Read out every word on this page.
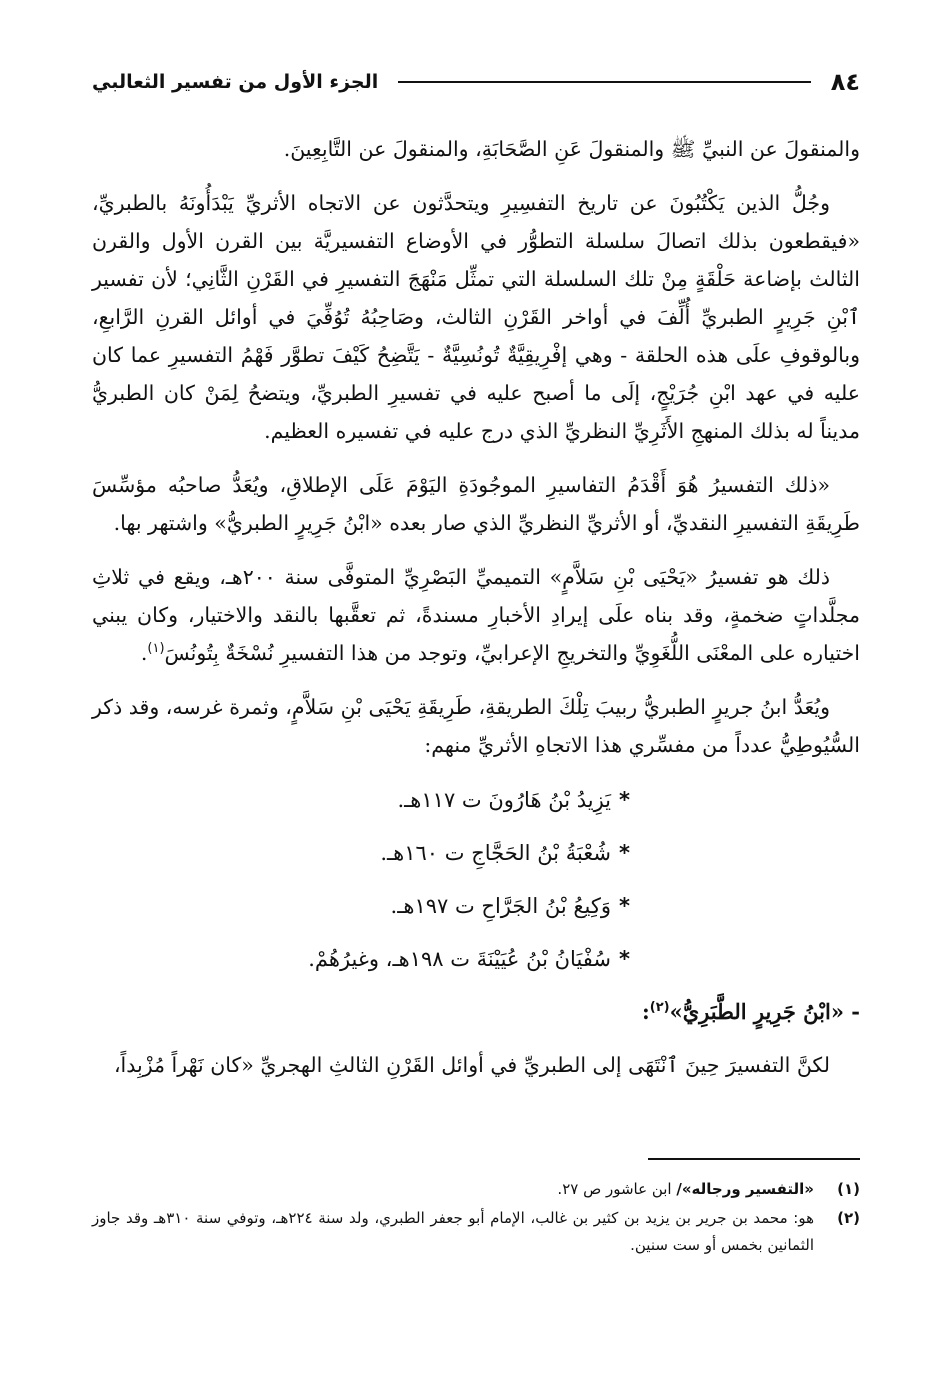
٨٤
الجزء الأول من تفسير الثعالبي

والمنقولَ عن النبيِّ ﷺ والمنقولَ عَنِ الصَّحَابَةِ، والمنقولَ عن التَّابِعِينَ.

وجُلُّ الذين يَكْتُبُونَ عن تاريخ التفسِيرِ ويتحدَّثون عن الاتجاه الأثريِّ يَبْدَأُونَهُ بالطبريِّ، «فيقطعون بذلك اتصالَ سلسلة التطوُّر في الأوضاع التفسيريَّة بين القرن الأول والقرن الثالث بإضاعة حَلْقَةٍ مِنْ تلك السلسلة التي تمثِّل مَنْهَجَ التفسيرِ في القَرْنِ الثَّانِي؛ لأن تفسير ٱبْنِ جَرِيرٍ الطبريِّ أُلِّفَ في أواخر القَرْنِ الثالث، وصَاحِبُهُ تُوُفِّيَ في أوائل القرنِ الرَّابعِ، وبالوقوفِ علَى هذه الحلقة - وهي إفْرِيقِيَّةٌ تُونُسِيَّةٌ - يَتَّضِحُ كَيْفَ تطوَّر فَهْمُ التفسيرِ عما كان عليه في عهد ابْنِ جُرَيْجٍ، إلَى ما أصبح عليه في تفسيرِ الطبريِّ، ويتضحُ لِمَنْ كان الطبريُّ مديناً له بذلك المنهجِ الأَثَرِيِّ النظريِّ الذي درج عليه في تفسيره العظيم.

«ذلك التفسيرُ هُوَ أَقْدَمُ التفاسيرِ الموجُودَةِ اليَوْمَ عَلَى الإطلاقِ، ويُعَدُّ صاحبُه مؤسِّسَ طَرِيقَةِ التفسيرِ النقديِّ، أو الأثريِّ النظريِّ الذي صار بعده «ابْنُ جَرِيرٍ الطبريُّ» واشتهر بها.

ذلك هو تفسيرُ «يَحْيَى بْنِ سَلاَّمٍ» التميميِّ البَصْرِيِّ المتوفَّى سنة ٢٠٠هـ، ويقع في ثلاثِ مجلَّداتٍ ضخمةٍ، وقد بناه علَى إيرادِ الأخبارِ مسندةً، ثم تعقَّبها بالنقد والاختيار، وكان يبني اختياره على المعْنَى اللُّغَوِيِّ والتخريجِ الإعرابيِّ، وتوجد من هذا التفسيرِ نُسْخَةٌ بِتُونُسَ$^{(١)}$.

ويُعَدُّ ابنُ جريرٍ الطبريُّ ربيبَ تِلْكَ الطريقةِ، طَرِيقَةِ يَحْيَى بْنِ سَلاَّمٍ، وثمرة غرسه، وقد ذكر السُّيُوطِيُّ عدداً من مفسِّري هذا الاتجاهِ الأثريِّ منهم:

*يَزِيدُ بْنُ هَارُونَ ت ١١٧هـ.
*شُعْبَةُ بْنُ الحَجَّاجِ ت ١٦٠هـ.
*وَكِيعُ بْنُ الجَرَّاحِ ت ١٩٧هـ.
*سُفْيَانُ بْنُ عُيَيْنَةَ ت ١٩٨هـ، وغيرُهُمْ.
- «ابْنُ جَرِيرٍ الطَّبَرِيُّ»$^{(٢)}$:

لكنَّ التفسيرَ حِينَ ٱنْتَهَى إلى الطبريِّ في أوائل القَرْنِ الثالثِ الهجريِّ «كان نَهْراً مُزْبِداً،

(١)
«التفسير ورجاله»/ ابن عاشور ص ٢٧.
(٢)
هو: محمد بن جرير بن يزيد بن كثير بن غالب، الإمام أبو جعفر الطبري، ولد سنة ٢٢٤هـ، وتوفي سنة ٣١٠هـ وقد جاوز الثمانين بخمس أو ست سنين.
